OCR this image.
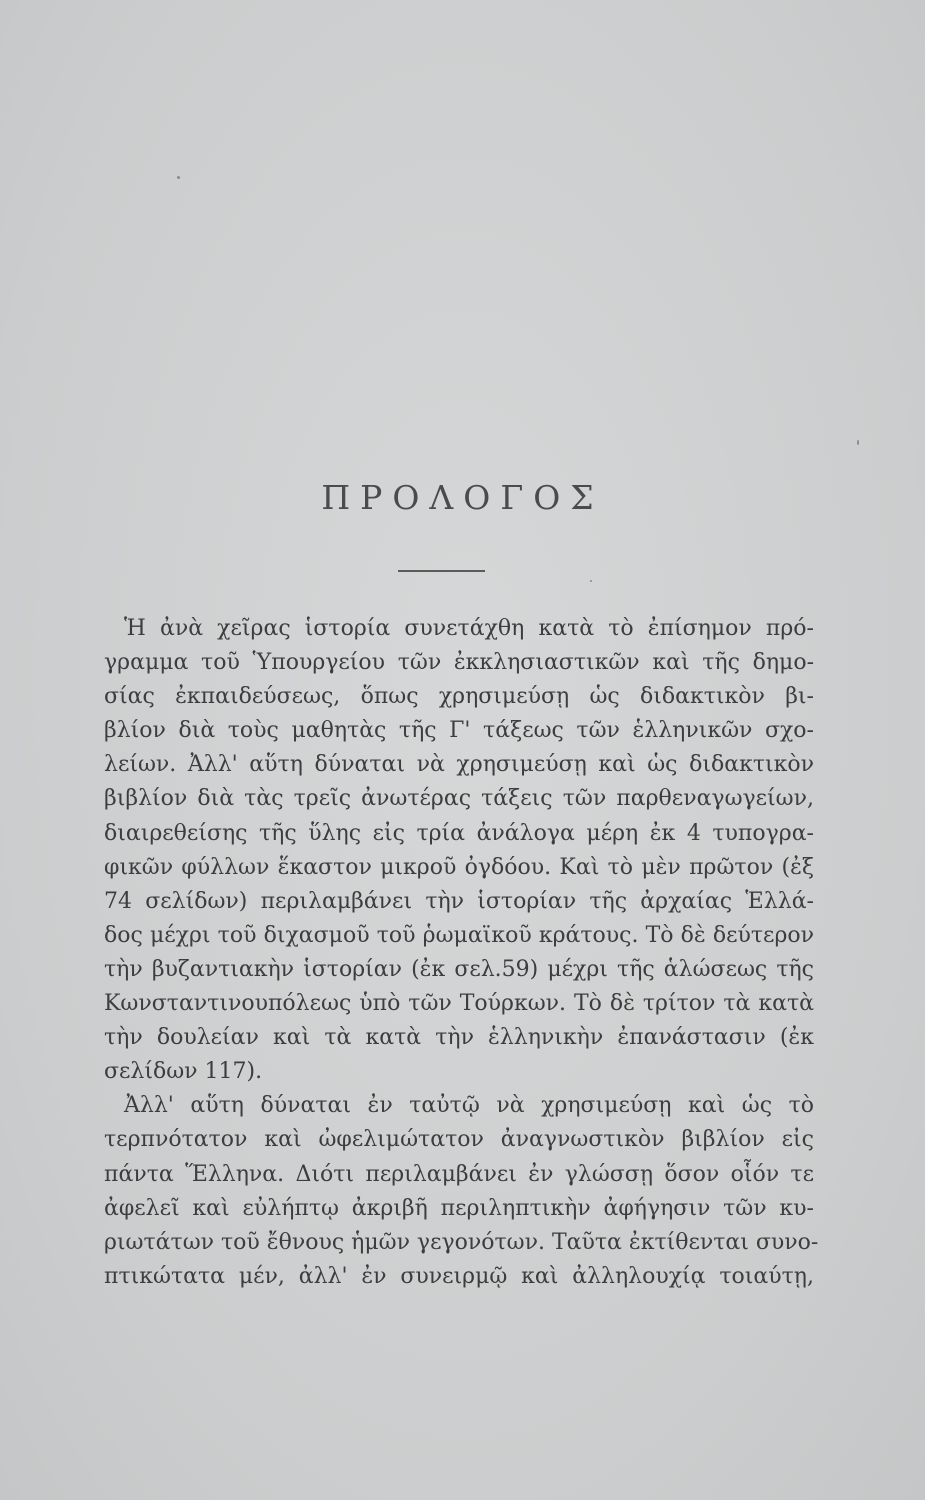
ΠΡΟΛΟΓΟΣ
Ἡ ἀνὰ χεῖρας ἱστορία συνετάχθη κατὰ τὸ ἐπίσημον πρό-
γραμμα τοῦ Ὑπουργείου τῶν ἐκκλησιαστικῶν καὶ τῆς δημο-
σίας ἐκπαιδεύσεως, ὅπως χρησιμεύσῃ ὡς διδακτικὸν βι-
βλίον διὰ τοὺς μαθητὰς τῆς Γ' τάξεως τῶν ἑλληνικῶν σχο-
λείων. Ἀλλ' αὕτη δύναται νὰ χρησιμεύσῃ καὶ ὡς διδακτικὸν
βιβλίον διὰ τὰς τρεῖς ἀνωτέρας τάξεις τῶν παρθεναγωγείων,
διαιρεθείσης τῆς ὕλης εἰς τρία ἀνάλογα μέρη ἐκ 4 τυπογρα-
φικῶν φύλλων ἕκαστον μικροῦ ὀγδόου. Καὶ τὸ μὲν πρῶτον (ἐξ
74 σελίδων) περιλαμβάνει τὴν ἱστορίαν τῆς ἀρχαίας Ἑλλά-
δος μέχρι τοῦ διχασμοῦ τοῦ ῥωμαϊκοῦ κράτους. Τὸ δὲ δεύτερον
τὴν βυζαντιακὴν ἱστορίαν (ἐκ σελ.59) μέχρι τῆς ἁλώσεως τῆς
Κωνσταντινουπόλεως ὑπὸ τῶν Τούρκων. Τὸ δὲ τρίτον τὰ κατὰ
τὴν δουλείαν καὶ τὰ κατὰ τὴν ἑλληνικὴν ἐπανάστασιν (ἐκ
σελίδων 117).
Ἀλλ' αὕτη δύναται ἐν ταὐτῷ νὰ χρησιμεύσῃ καὶ ὡς τὸ
τερπνότατον καὶ ὠφελιμώτατον ἀναγνωστικὸν βιβλίον εἰς
πάντα Ἕλληνα. Διότι περιλαμβάνει ἐν γλώσσῃ ὅσον οἷόν τε
ἀφελεῖ καὶ εὐλήπτῳ ἀκριβῆ περιληπτικὴν ἀφήγησιν τῶν κυ-
ριωτάτων τοῦ ἔθνους ἡμῶν γεγονότων. Ταῦτα ἐκτίθενται συνο-
πτικώτατα μέν, ἀλλ' ἐν συνειρμῷ καὶ ἀλληλουχίᾳ τοιαύτῃ,
